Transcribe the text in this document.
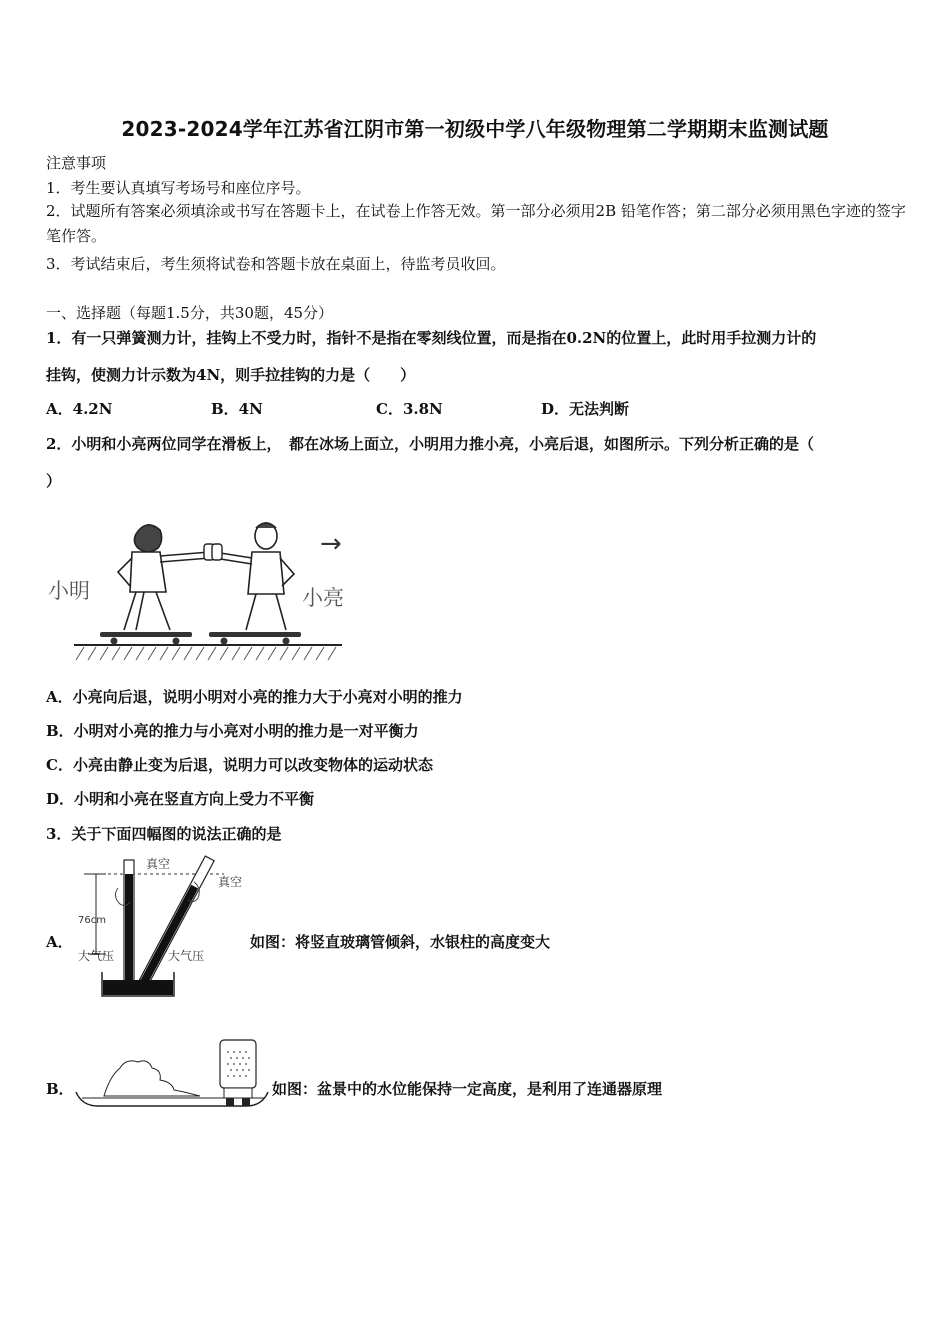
2023-2024学年江苏省江阴市第一初级中学八年级物理第二学期期末监测试题
注意事项
1．考生要认真填写考场号和座位序号。
2．试题所有答案必须填涂或书写在答题卡上，在试卷上作答无效。第一部分必须用2B 铅笔作答；第二部分必须用黑色字迹的签字笔作答。
3．考试结束后，考生须将试卷和答题卡放在桌面上，待监考员收回。
一、选择题（每题1.5分，共30题，45分）
1．有一只弹簧测力计，挂钩上不受力时，指针不是指在零刻线位置，而是指在0.2N的位置上，此时用手拉测力计的
挂钩，使测力计示数为4N，则手拉挂钩的力是（　　）
A．4.2N	B．4N	C．3.8N	D．无法判断
2．小明和小亮两位同学在滑板上，　都在冰场上面立，小明用力推小亮，小亮后退，如图所示。下列分析正确的是（
）
小明	小亮
→
A．小亮向后退，说明小明对小亮的推力大于小亮对小明的推力
B．小明对小亮的推力与小亮对小明的推力是一对平衡力
C．小亮由静止变为后退，说明力可以改变物体的运动状态
D．小明和小亮在竖直方向上受力不平衡
3．关于下面四幅图的说法正确的是
A．
真空
真空
76cm
大气压	大气压
如图：将竖直玻璃管倾斜，水银柱的高度变大
B．	如图：盆景中的水位能保持一定高度，是利用了连通器原理
